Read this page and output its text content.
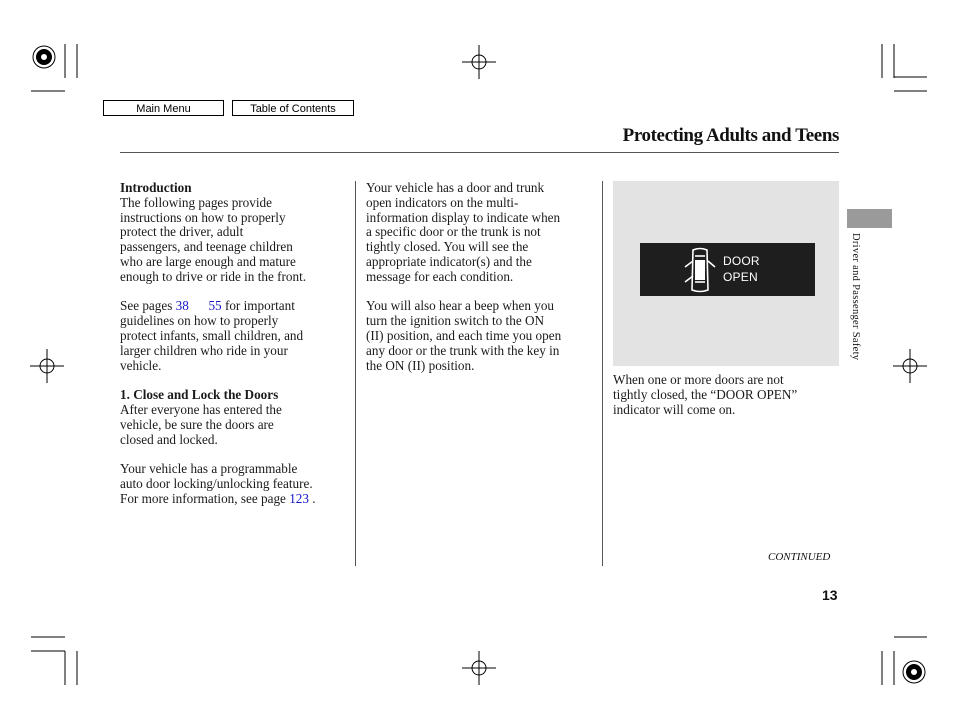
Main Menu	Table of Contents
Protecting Adults and Teens
Driver and Passenger Safety

Introduction

The following pages provide

instructions on how to properly

protect the driver, adult

passengers, and teenage children

who are large enough and mature

enough to drive or ride in the front.

See pages 38 55 for important

guidelines on how to properly

protect infants, small children, and

larger children who ride in your

vehicle.

1. Close and Lock the Doors

After everyone has entered the

vehicle, be sure the doors are

closed and locked.

Your vehicle has a programmable

auto door locking/unlocking feature.

For more information, see page 123 .

Your vehicle has a door and trunk

open indicators on the multi-

information display to indicate when

a specific door or the trunk is not

tightly closed. You will see the

appropriate indicator(s) and the

message for each condition.

You will also hear a beep when you

turn the ignition switch to the ON

(II) position, and each time you open

any door or the trunk with the key in

the ON (II) position.

DOOR
OPEN

When one or more doors are not

tightly closed, the “DOOR OPEN”

indicator will come on.

CONTINUED
13
